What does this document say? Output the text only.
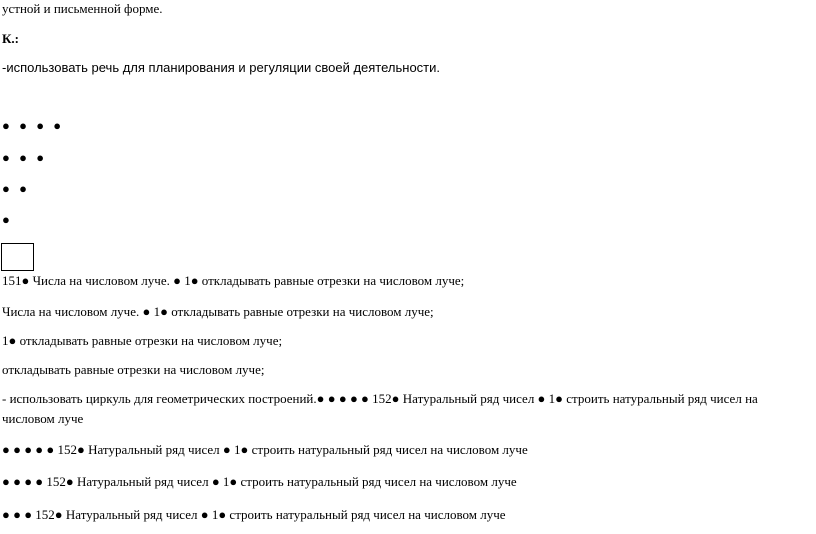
устной и письменной форме.
К.:
-использовать речь для планирования и регуляции своей деятельности.
● ● ● ●
● ● ●
● ●
●
151● Числа на числовом луче. ● 1● откладывать равные отрезки на числовом луче;
Числа на числовом луче. ● 1● откладывать равные отрезки на числовом луче;
1● откладывать равные отрезки на числовом луче;
откладывать равные отрезки на числовом луче;
- использовать циркуль для геометрических построений.● ● ● ● ● 152● Натуральный ряд чисел ● 1● строить натуральный ряд чисел на числовом луче
● ● ● ● ● 152● Натуральный ряд чисел ● 1● строить натуральный ряд чисел на числовом луче
● ● ● ● 152● Натуральный ряд чисел ● 1● строить натуральный ряд чисел на числовом луче
● ● ● 152● Натуральный ряд чисел ● 1● строить натуральный ряд чисел на числовом луче
